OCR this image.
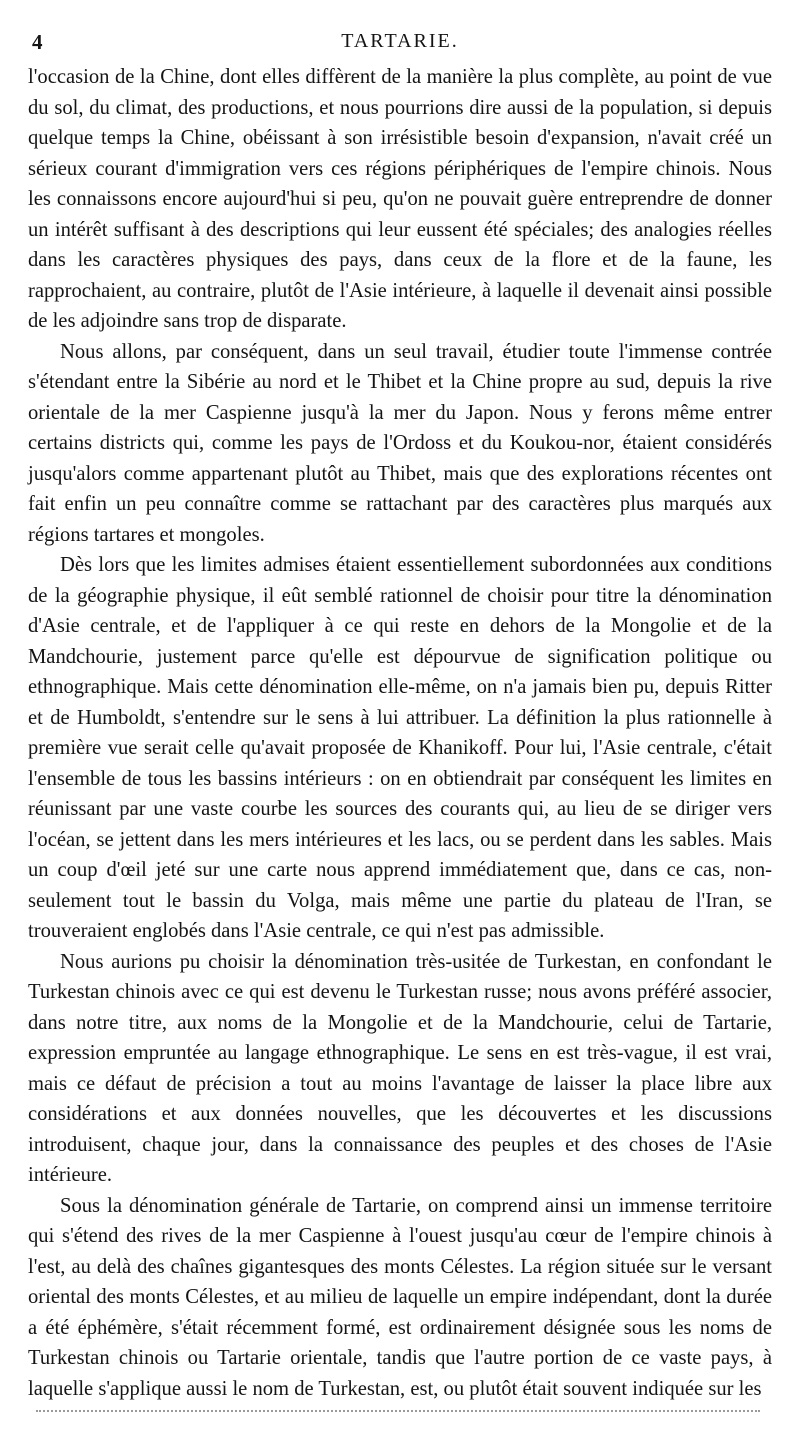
4	TARTARIE.

l'occasion de la Chine, dont elles diffèrent de la manière la plus complète, au point de vue du sol, du climat, des productions, et nous pourrions dire aussi de la population, si depuis quelque temps la Chine, obéissant à son irrésistible besoin d'expansion, n'avait créé un sérieux courant d'immigration vers ces régions périphériques de l'empire chinois. Nous les connaissons encore aujourd'hui si peu, qu'on ne pouvait guère entreprendre de donner un intérêt suffisant à des descriptions qui leur eussent été spéciales; des analogies réelles dans les caractères physiques des pays, dans ceux de la flore et de la faune, les rapprochaient, au contraire, plutôt de l'Asie intérieure, à laquelle il devenait ainsi possible de les adjoindre sans trop de disparate.

Nous allons, par conséquent, dans un seul travail, étudier toute l'immense contrée s'étendant entre la Sibérie au nord et le Thibet et la Chine propre au sud, depuis la rive orientale de la mer Caspienne jusqu'à la mer du Japon. Nous y ferons même entrer certains districts qui, comme les pays de l'Ordoss et du Koukou-nor, étaient considérés jusqu'alors comme appartenant plutôt au Thibet, mais que des explorations récentes ont fait enfin un peu connaître comme se rattachant par des caractères plus marqués aux régions tartares et mongoles.

Dès lors que les limites admises étaient essentiellement subordonnées aux conditions de la géographie physique, il eût semblé rationnel de choisir pour titre la dénomination d'Asie centrale, et de l'appliquer à ce qui reste en dehors de la Mongolie et de la Mandchourie, justement parce qu'elle est dépourvue de signification politique ou ethnographique. Mais cette dénomination elle-même, on n'a jamais bien pu, depuis Ritter et de Humboldt, s'entendre sur le sens à lui attribuer. La définition la plus rationnelle à première vue serait celle qu'avait proposée de Khanikoff. Pour lui, l'Asie centrale, c'était l'ensemble de tous les bassins intérieurs : on en obtiendrait par conséquent les limites en réunissant par une vaste courbe les sources des courants qui, au lieu de se diriger vers l'océan, se jettent dans les mers intérieures et les lacs, ou se perdent dans les sables. Mais un coup d'œil jeté sur une carte nous apprend immédiatement que, dans ce cas, non-seulement tout le bassin du Volga, mais même une partie du plateau de l'Iran, se trouveraient englobés dans l'Asie centrale, ce qui n'est pas admissible.

Nous aurions pu choisir la dénomination très-usitée de Turkestan, en confondant le Turkestan chinois avec ce qui est devenu le Turkestan russe; nous avons préféré associer, dans notre titre, aux noms de la Mongolie et de la Mandchourie, celui de Tartarie, expression empruntée au langage ethnographique. Le sens en est très-vague, il est vrai, mais ce défaut de précision a tout au moins l'avantage de laisser la place libre aux considérations et aux données nouvelles, que les découvertes et les discussions introduisent, chaque jour, dans la connaissance des peuples et des choses de l'Asie intérieure.

Sous la dénomination générale de Tartarie, on comprend ainsi un immense territoire qui s'étend des rives de la mer Caspienne à l'ouest jusqu'au cœur de l'empire chinois à l'est, au delà des chaînes gigantesques des monts Célestes. La région située sur le versant oriental des monts Célestes, et au milieu de laquelle un empire indépendant, dont la durée a été éphémère, s'était récemment formé, est ordinairement désignée sous les noms de Turkestan chinois ou Tartarie orientale, tandis que l'autre portion de ce vaste pays, à laquelle s'applique aussi le nom de Turkestan, est, ou plutôt était souvent indiquée sur les
